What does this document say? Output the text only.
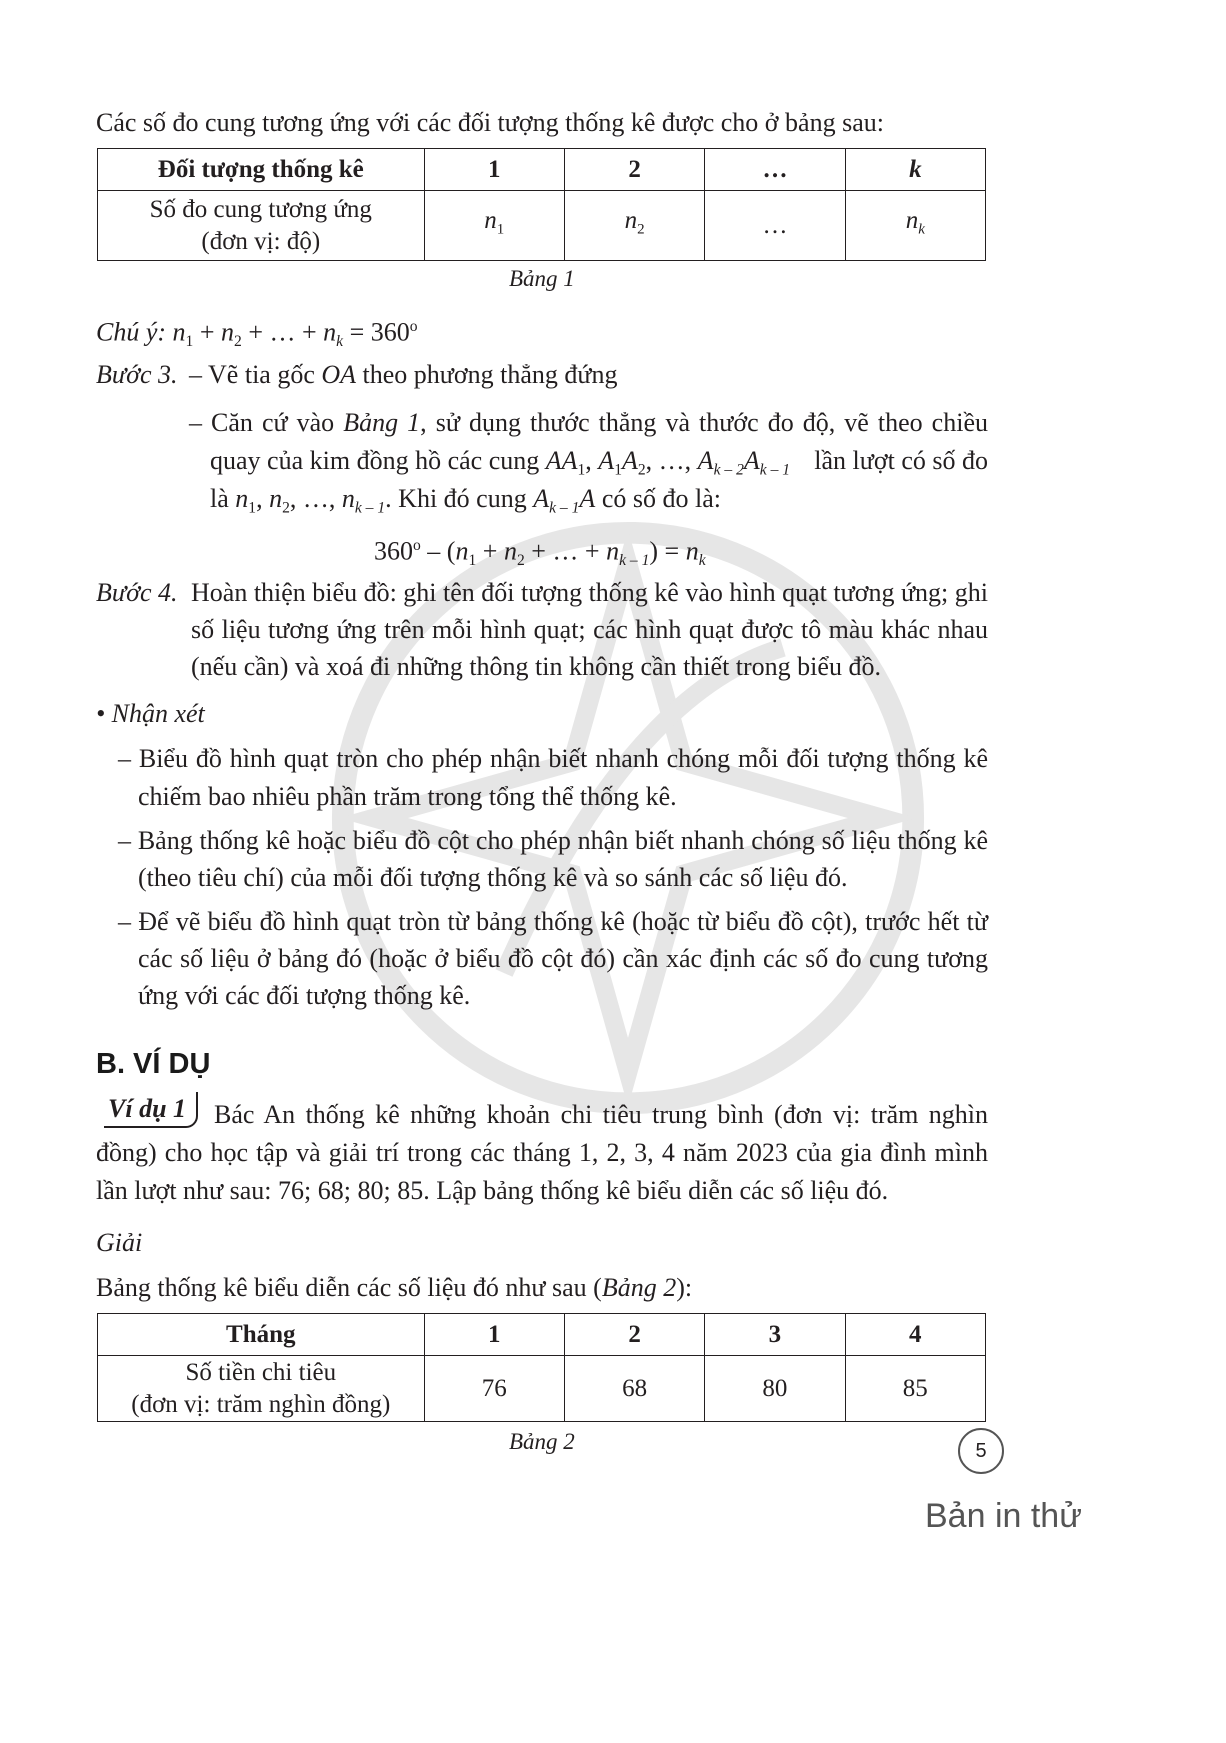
Các số đo cung tương ứng với các đối tượng thống kê được cho ở bảng sau:
Đối tượng thống kê	1	2	…	k

Số đo cung tương ứng
(đơn vị: độ)	$n_1$	$n_2$	…	$n_k$
Bảng 1
Chú ý: $n_1 + n_2$ + … + $n_k = 360^o$
Bước 3. – Vẽ tia gốc OA theo phương thẳng đứng
– Căn cứ vào Bảng 1, sử dụng thước thẳng và thước đo độ, vẽ theo chiều
quay của kim đồng hồ các cung $AA_1$, $A_1A_2$, …, $A_{k - 2}A_{k - 1}$ lần lượt có số đo
là $n_1$, $n_2$, …, $n_{k - 1}$. Khi đó cung $A_{k - 1}A$ có số đo là:
$360^o - (n_1 + n_2$ + … + $n_{k - 1}) = n_k$
Bước 4. Hoàn thiện biểu đồ: ghi tên đối tượng thống kê vào hình quạt tương ứng; ghi
số liệu tương ứng trên mỗi hình quạt; các hình quạt được tô màu khác nhau
(nếu cần) và xoá đi những thông tin không cần thiết trong biểu đồ.
• Nhận xét
– Biểu đồ hình quạt tròn cho phép nhận biết nhanh chóng mỗi đối tượng thống kê
chiếm bao nhiêu phần trăm trong tổng thể thống kê.
– Bảng thống kê hoặc biểu đồ cột cho phép nhận biết nhanh chóng số liệu thống kê
(theo tiêu chí) của mỗi đối tượng thống kê và so sánh các số liệu đó.
– Để vẽ biểu đồ hình quạt tròn từ bảng thống kê (hoặc từ biểu đồ cột), trước hết từ
các số liệu ở bảng đó (hoặc ở biểu đồ cột đó) cần xác định các số đo cung tương
ứng với các đối tượng thống kê.
B. VÍ DỤ
Ví dụ 1	Bác An thống kê những khoản chi tiêu trung bình (đơn vị: trăm nghìn
đồng) cho học tập và giải trí trong các tháng 1, 2, 3, 4 năm 2023 của gia đình mình
lần lượt như sau: 76; 68; 80; 85. Lập bảng thống kê biểu diễn các số liệu đó.
Giải
Bảng thống kê biểu diễn các số liệu đó như sau (Bảng 2):
Tháng	1	2	3	4

Số tiền chi tiêu
(đơn vị: trăm nghìn đồng)	76	68	80	85
Bảng 2	5
Bản in thử
